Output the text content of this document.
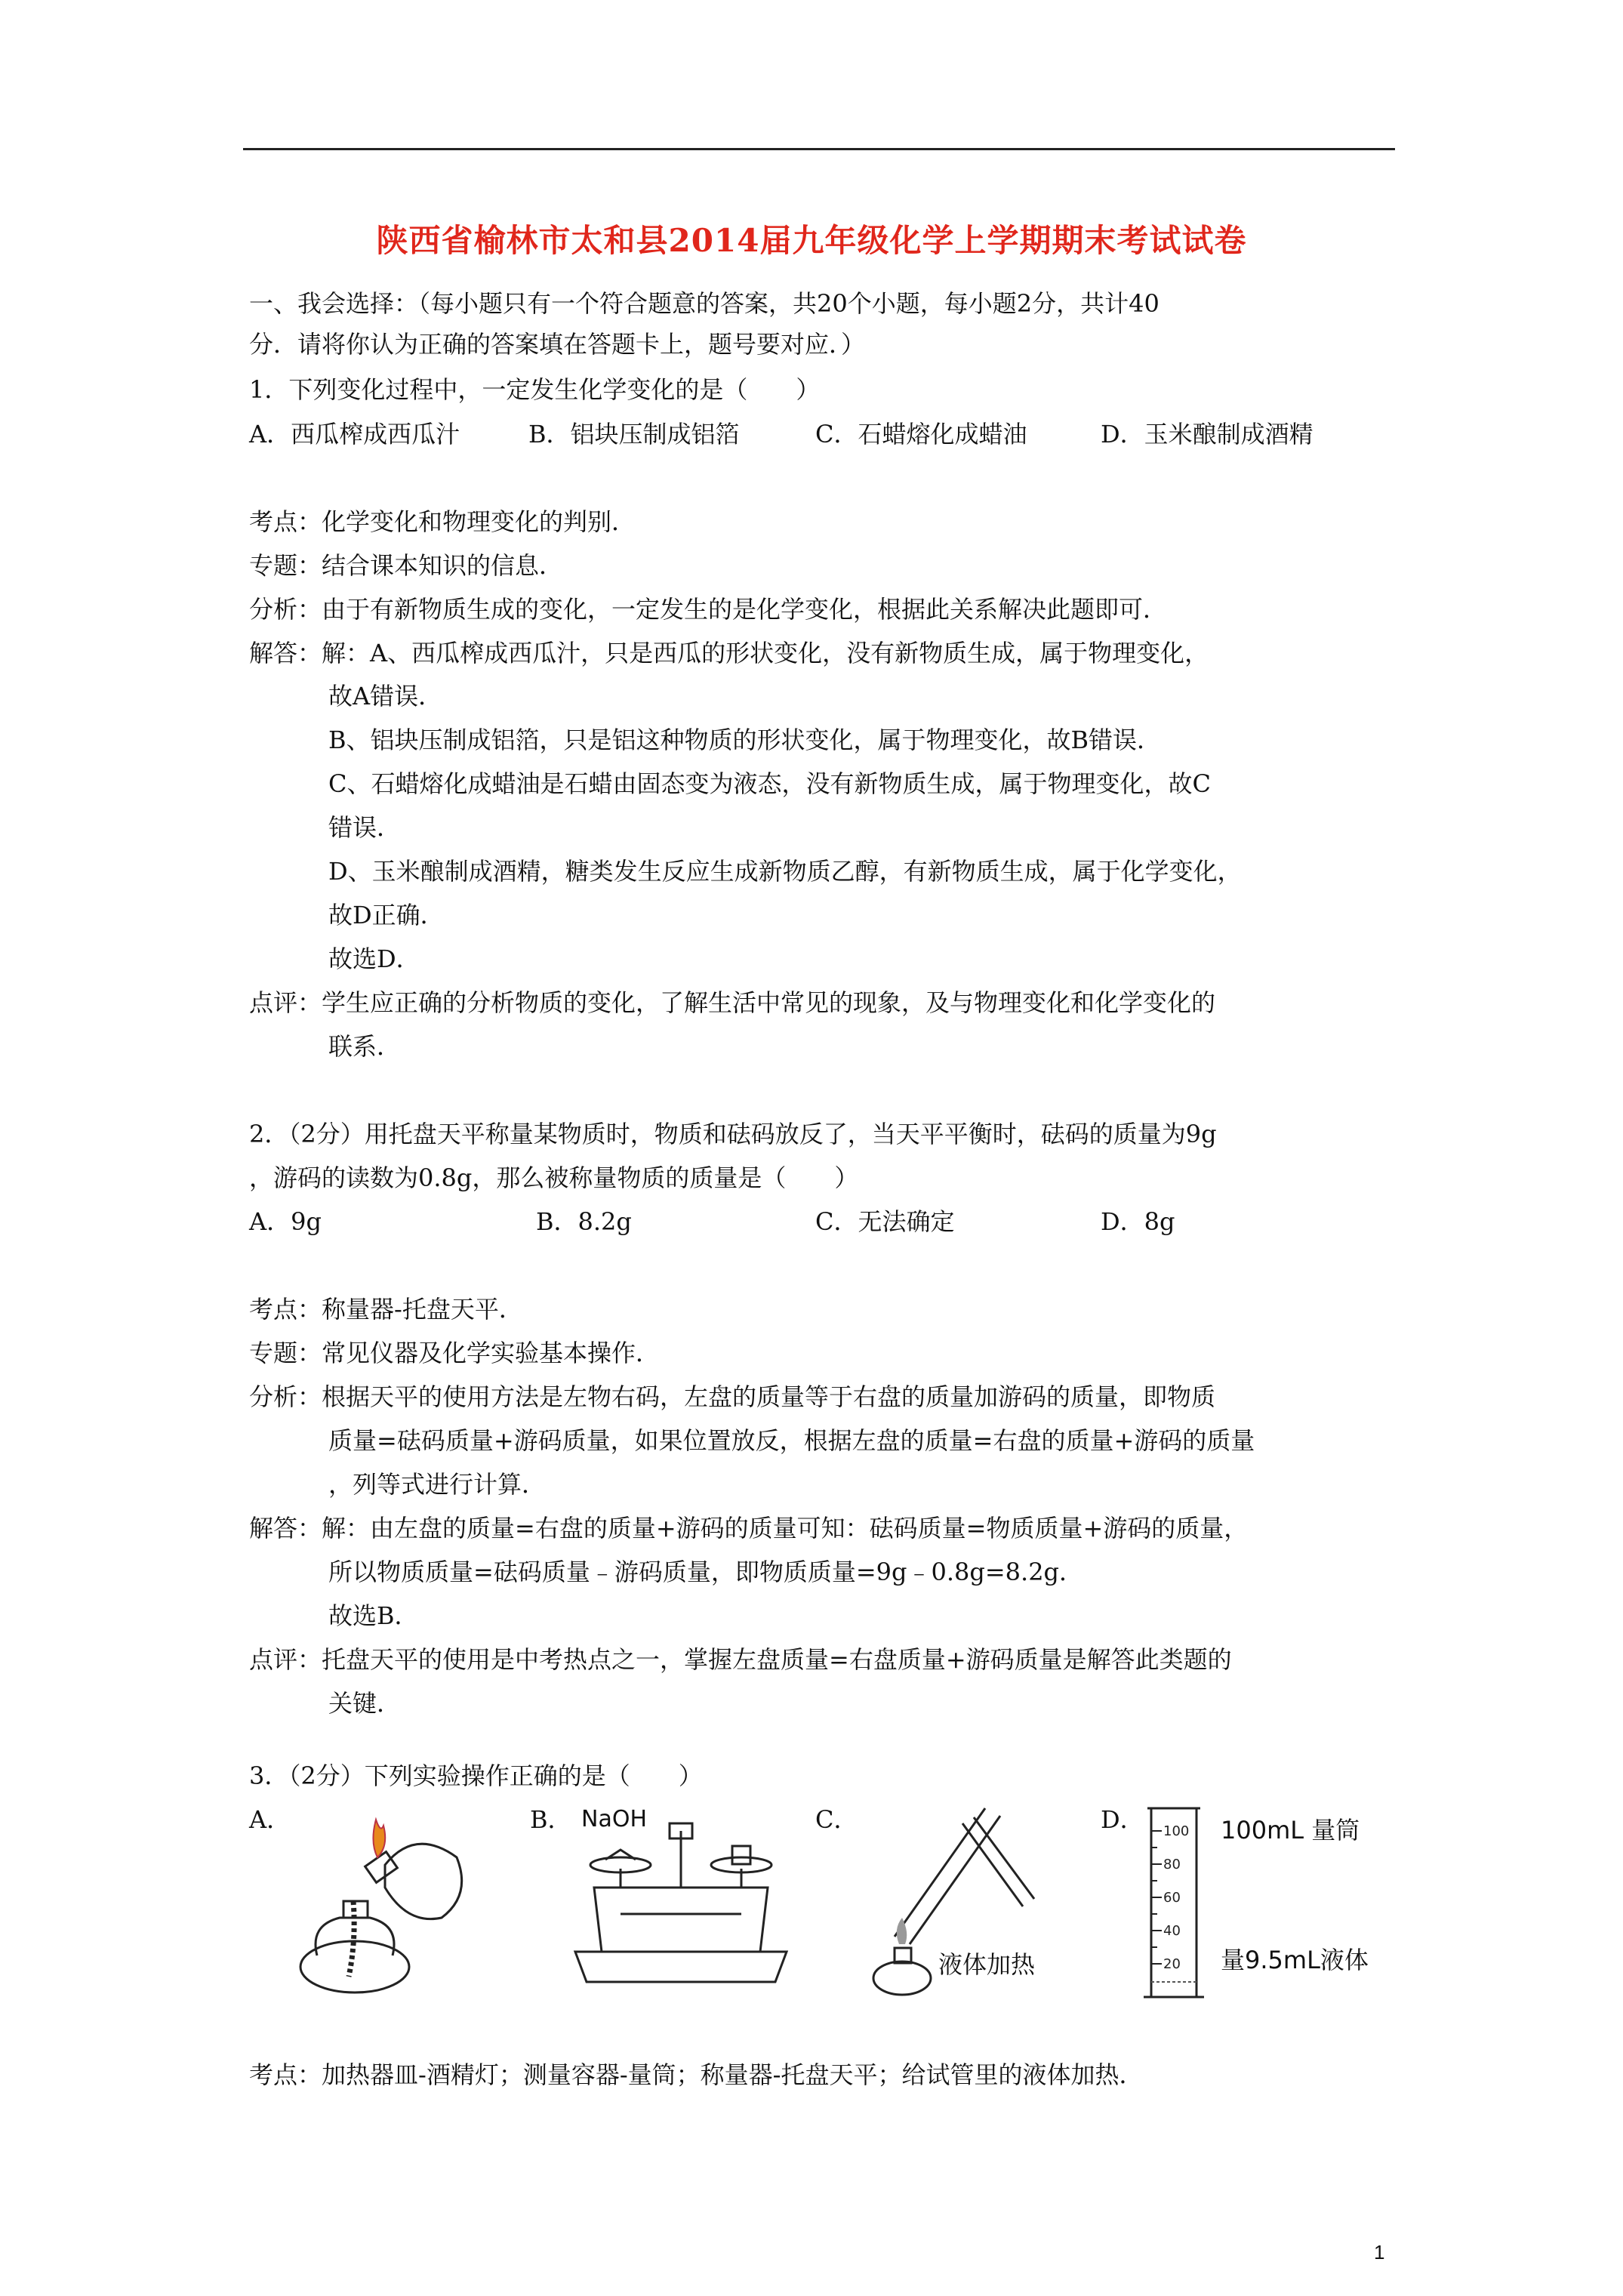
陕西省榆林市太和县2014届九年级化学上学期期末考试试卷
一、我会选择：（每小题只有一个符合题意的答案，共20个小题，每小题2分，共计40
分．请将你认为正确的答案填在答题卡上，题号要对应．）
1．下列变化过程中，一定发生化学变化的是（　　）
A．西瓜榨成西瓜汁	B．铝块压制成铝箔	C．石蜡熔化成蜡油	D．玉米酿制成酒精
考点：化学变化和物理变化的判别．
专题：结合课本知识的信息．
分析：由于有新物质生成的变化，一定发生的是化学变化，根据此关系解决此题即可．
解答：解：A、西瓜榨成西瓜汁，只是西瓜的形状变化，没有新物质生成，属于物理变化，
故A错误．
B、铝块压制成铝箔，只是铝这种物质的形状变化，属于物理变化，故B错误．
C、石蜡熔化成蜡油是石蜡由固态变为液态，没有新物质生成，属于物理变化，故C
错误．
D、玉米酿制成酒精，糖类发生反应生成新物质乙醇，有新物质生成，属于化学变化，
故D正确．
故选D．
点评：学生应正确的分析物质的变化，了解生活中常见的现象，及与物理变化和化学变化的
联系．
2．（2分）用托盘天平称量某物质时，物质和砝码放反了，当天平平衡时，砝码的质量为9g
，游码的读数为0.8g，那么被称量物质的质量是（　　）
A．9g	B．8.2g	C．无法确定	D．8g
考点：称量器-托盘天平．
专题：常见仪器及化学实验基本操作．
分析：根据天平的使用方法是左物右码，左盘的质量等于右盘的质量加游码的质量，即物质
质量=砝码质量+游码质量，如果位置放反，根据左盘的质量=右盘的质量+游码的质量
，列等式进行计算．
解答：解：由左盘的质量=右盘的质量+游码的质量可知：砝码质量=物质质量+游码的质量，
所以物质质量=砝码质量﹣游码质量，即物质质量=9g﹣0.8g=8.2g．
故选B．
点评：托盘天平的使用是中考热点之一，掌握左盘质量=右盘质量+游码质量是解答此类题的
关键．
3．（2分）下列实验操作正确的是（　　）
A．	B．	C．	D．
NaOH
液体加热
100
80
60
40
20
100mL 量筒
量9.5mL液体
考点：加热器皿-酒精灯；测量容器-量筒；称量器-托盘天平；给试管里的液体加热．
1
